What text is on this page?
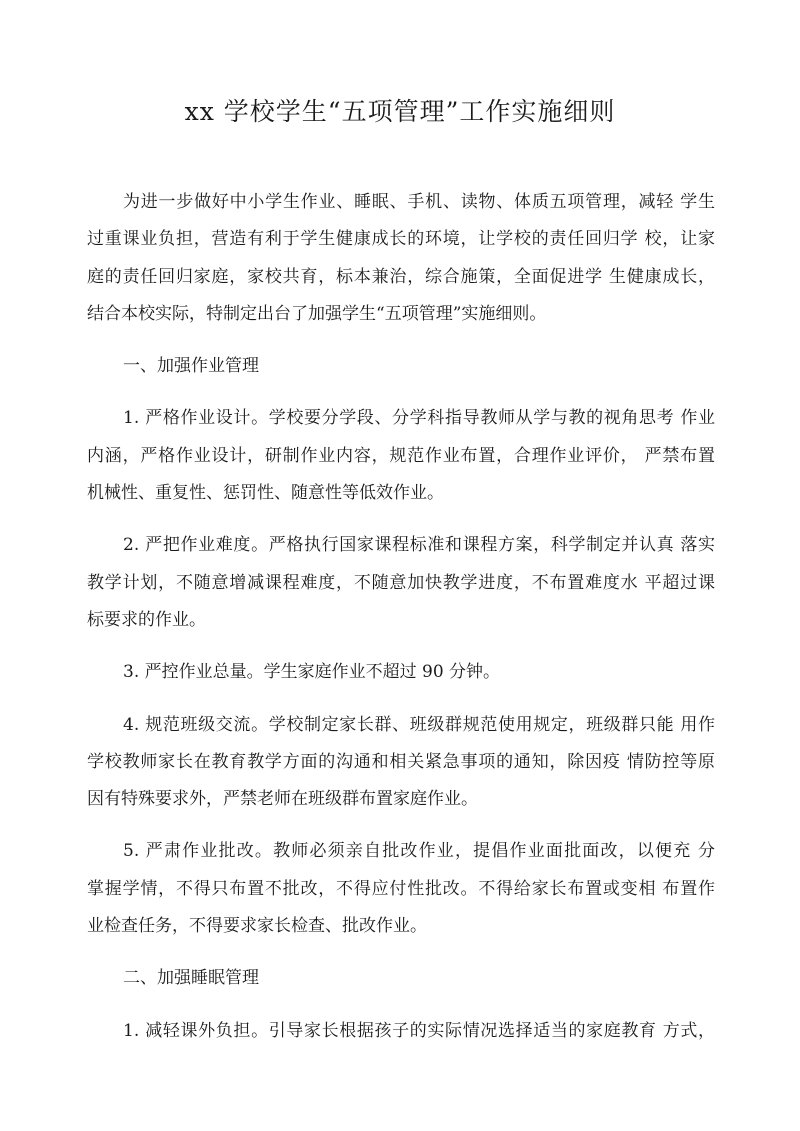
xx 学校学生“五项管理”工作实施细则
为进一步做好中小学生作业、睡眠、手机、读物、体质五项管理，减轻 学生
过重课业负担，营造有利于学生健康成长的环境，让学校的责任回归学 校，让家
庭的责任回归家庭，家校共育，标本兼治，综合施策，全面促进学 生健康成长，
结合本校实际，特制定出台了加强学生“五项管理”实施细则。
一、加强作业管理
1. 严格作业设计。学校要分学段、分学科指导教师从学与教的视角思考 作业
内涵，严格作业设计，研制作业内容，规范作业布置，合理作业评价， 严禁布置
机械性、重复性、惩罚性、随意性等低效作业。
2. 严把作业难度。严格执行国家课程标准和课程方案，科学制定并认真 落实
教学计划，不随意增减课程难度，不随意加快教学进度，不布置难度水 平超过课
标要求的作业。
3. 严控作业总量。学生家庭作业不超过 90 分钟。
4. 规范班级交流。学校制定家长群、班级群规范使用规定，班级群只能 用作
学校教师家长在教育教学方面的沟通和相关紧急事项的通知，除因疫 情防控等原
因有特殊要求外，严禁老师在班级群布置家庭作业。
5. 严肃作业批改。教师必须亲自批改作业，提倡作业面批面改，以便充 分
掌握学情，不得只布置不批改，不得应付性批改。不得给家长布置或变相 布置作
业检查任务，不得要求家长检查、批改作业。
二、加强睡眠管理
1. 减轻课外负担。引导家长根据孩子的实际情况选择适当的家庭教育 方式，
